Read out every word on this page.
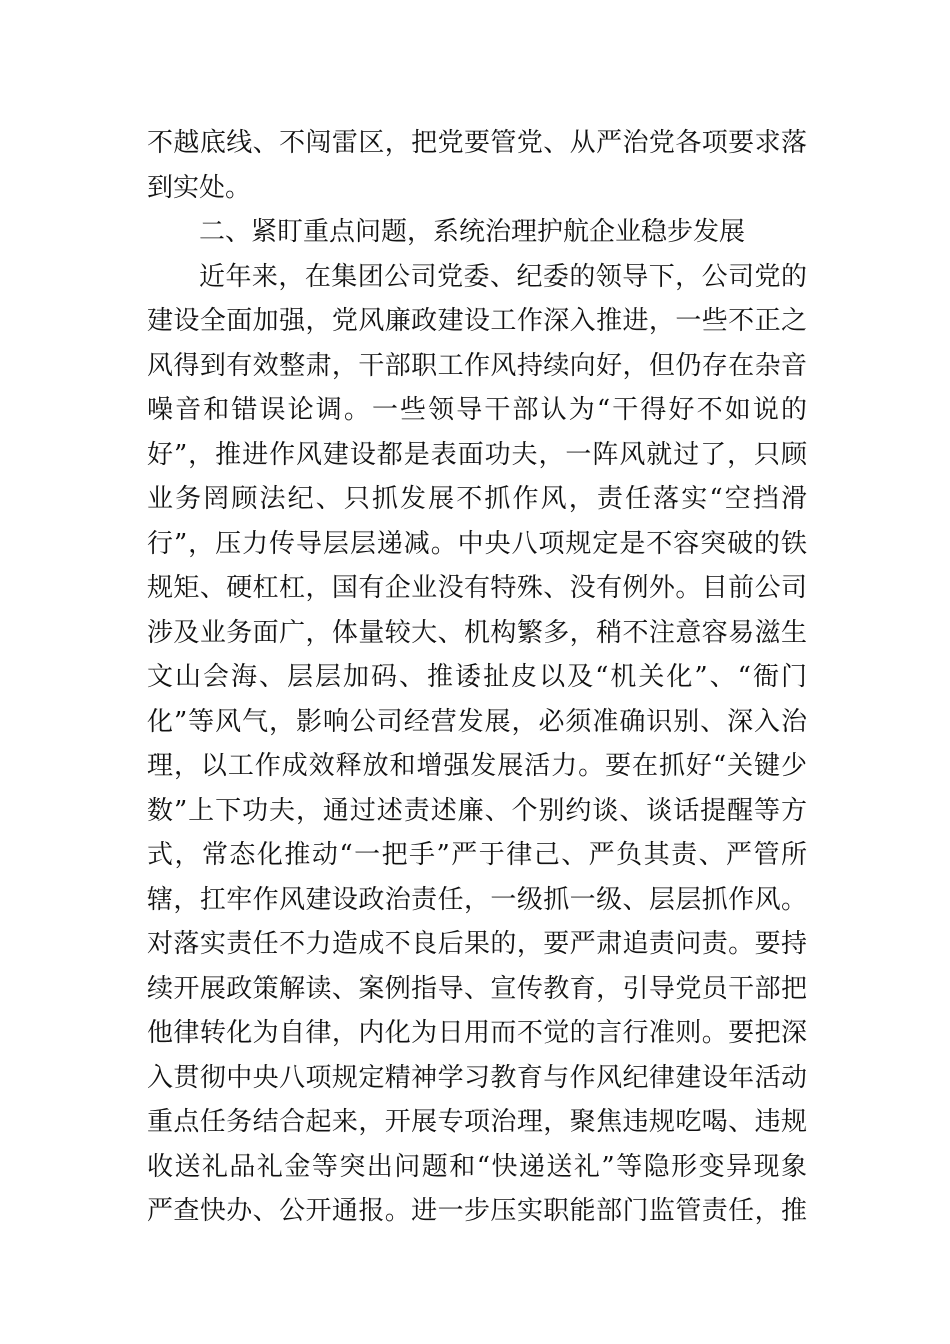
不越底线、不闯雷区，把党要管党、从严治党各项要求落
到实处。
二、紧盯重点问题，系统治理护航企业稳步发展
近年来，在集团公司党委、纪委的领导下，公司党的
建设全面加强，党风廉政建设工作深入推进，一些不正之
风得到有效整肃，干部职工作风持续向好，但仍存在杂音
噪音和错误论调。一些领导干部认为“干得好不如说的
好”，推进作风建设都是表面功夫，一阵风就过了，只顾
业务罔顾法纪、只抓发展不抓作风，责任落实“空挡滑
行”，压力传导层层递减。中央八项规定是不容突破的铁
规矩、硬杠杠，国有企业没有特殊、没有例外。目前公司
涉及业务面广，体量较大、机构繁多，稍不注意容易滋生
文山会海、层层加码、推诿扯皮以及“机关化”、“衙门
化”等风气，影响公司经营发展，必须准确识别、深入治
理，以工作成效释放和增强发展活力。要在抓好“关键少
数”上下功夫，通过述责述廉、个别约谈、谈话提醒等方
式，常态化推动“一把手”严于律己、严负其责、严管所
辖，扛牢作风建设政治责任，一级抓一级、层层抓作风。
对落实责任不力造成不良后果的，要严肃追责问责。要持
续开展政策解读、案例指导、宣传教育，引导党员干部把
他律转化为自律，内化为日用而不觉的言行准则。要把深
入贯彻中央八项规定精神学习教育与作风纪律建设年活动
重点任务结合起来，开展专项治理，聚焦违规吃喝、违规
收送礼品礼金等突出问题和“快递送礼”等隐形变异现象
严查快办、公开通报。进一步压实职能部门监管责任，推
